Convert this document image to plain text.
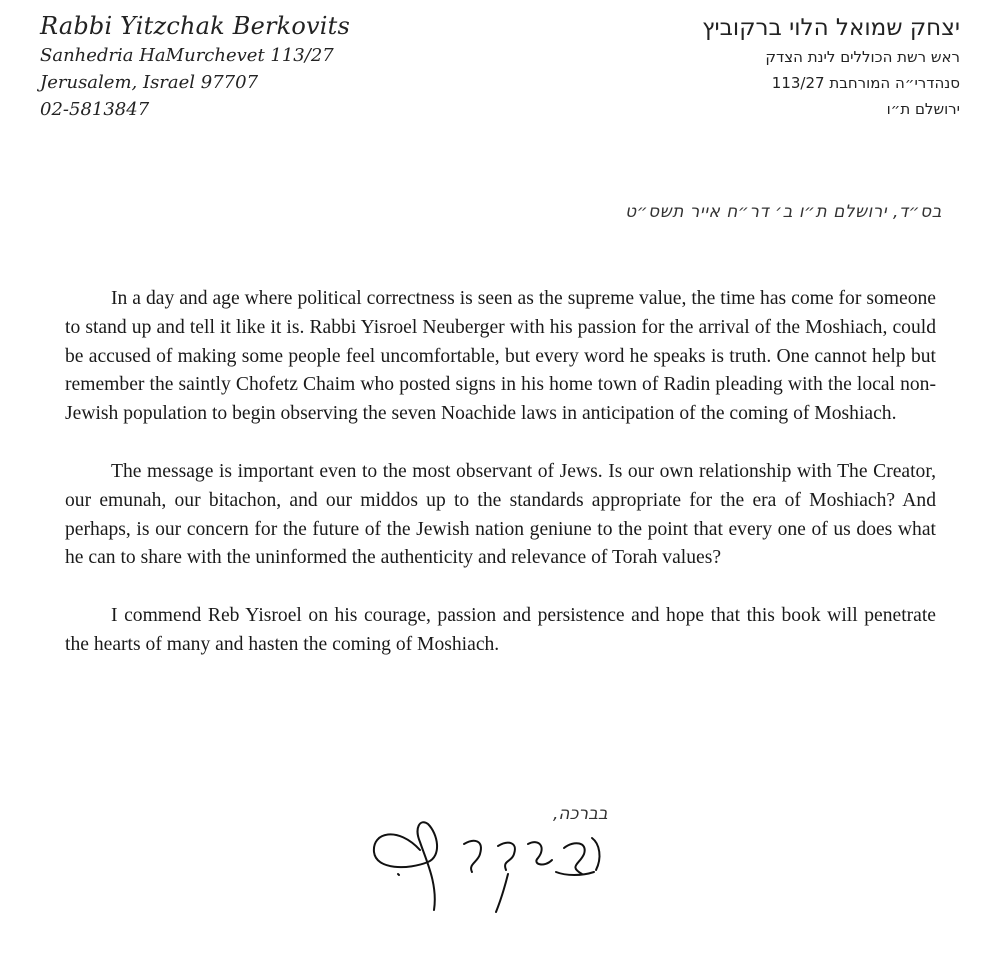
Rabbi Yitzchak Berkovits
Sanhedria HaMurchevet 113/27
Jerusalem, Israel 97707
02-5813847
יצחק שמואל הלוי ברקוביץ
ראש רשת הכוללים לינת הצדק
סנהדרי״ה המורחבת 113/27
ירושלם ת״ו
בס״ד, ירושלם ת״ו ב׳ דר״ח אייר תשס״ט

In a day and age where political correctness is seen as the supreme value, the time has come for someone to stand up and tell it like it is. Rabbi Yisroel Neuberger with his passion for the arrival of the Moshiach, could be accused of making some people feel uncomfortable, but every word he speaks is truth. One cannot help but remember the saintly Chofetz Chaim who posted signs in his home town of Radin pleading with the local non-Jewish population to begin observing the seven Noachide laws in anticipation of the coming of Moshiach.

The message is important even to the most observant of Jews. Is our own relationship with The Creator, our emunah, our bitachon, and our middos up to the standards appropriate for the era of Moshiach? And perhaps, is our concern for the future of the Jewish nation geniune to the point that every one of us does what he can to share with the uninformed the authenticity and relevance of Torah values?

I commend Reb Yisroel on his courage, passion and persistence and hope that this book will penetrate the hearts of many and hasten the coming of Moshiach.

בברכה,
